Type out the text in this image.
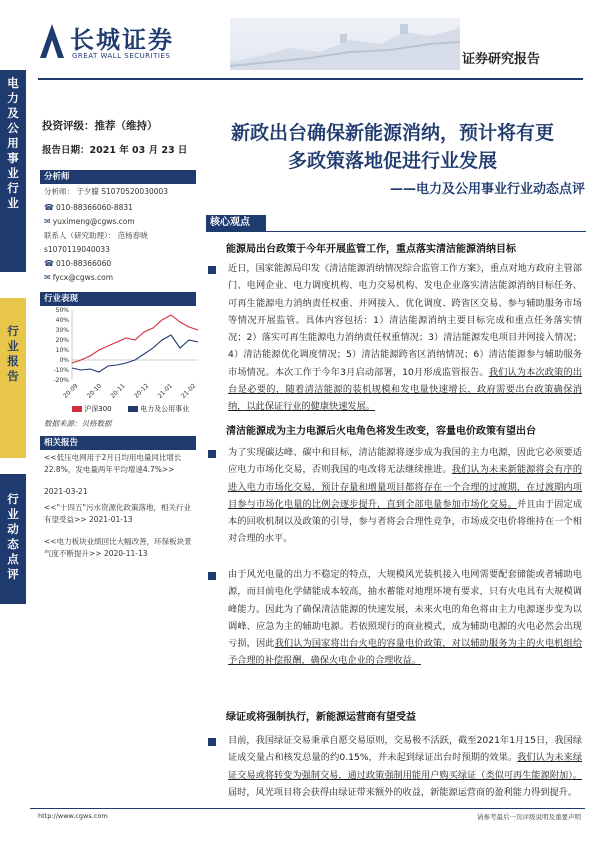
电力及公用事业行业
行业报告
行业动态点评
长城证券
GREAT WALL SECURITIES	证券研究报告
投资评级：推荐（维持）
报告日期：2021 年 03 月 23 日
新政出台确保新能源消纳，预计将有更
多政策落地促进行业发展
——电力及公用事业行业动态点评
分析师
分析师： 于夕朦 S1070520030003
☎ 010-88366060-8831
✉ yuximeng@cgws.com
联系人（研究助理）： 范杨春晓
s1070119040033
☎ 010-88366060
✉ fycx@cgws.com
行业表现
50%
40%
30%
20%
10%
0%
-10%
-20%
20-09 20-10 20-11 20-12 21-01 21-02
沪深300	电力及公用事业
数据来源：贝格数据
相关报告
<<低压电网用于2月日均用电量同比增长22.8%，发电量两年平均增速4.7%>>
2021-03-21
<<"十四五"污水资源化政策落地，相关行业有望受益>> 2021-01-13
<<电力板块业绩回比大幅改善，环保板块景气度不断提升>> 2020-11-13
核心观点
能源局出台政策于今年开展监管工作，重点落实清洁能源消纳目标
近日，国家能源局印发《清洁能源消纳情况综合监管工作方案》，重点对地方政府主管部门、电网企业、电力调度机构、电力交易机构、发电企业落实清洁能源消纳目标任务、可再生能源电力消纳责任权重、并网接入、优化调度、跨省区交易、参与辅助服务市场等情况开展监管。具体内容包括：1）清洁能源消纳主要目标完成和重点任务落实情况；2）落实可再生能源电力消纳责任权重情况；3）清洁能源发电项目并网接入情况；4）清洁能源优化调度情况；5）清洁能源跨省区消纳情况；6）清洁能源参与辅助服务市场情况。本次工作于今年3月启动部署，10月形成监管报告。我们认为本次政策的出台是必要的，随着清洁能源的装机规模和发电量快速增长，政府需要出台政策确保消纳，以此保证行业的健康快速发展。
清洁能源成为主力电源后火电角色将发生改变，容量电价政策有望出台
为了实现碳达峰、碳中和目标，清洁能源将逐步成为我国的主力电源，因此它必须要适应电力市场化交易，否则我国的电改将无法继续推进。我们认为未来新能源将会有序的进入电力市场化交易，预计存量和增量项目都将存在一个合理的过渡期，在过渡期内项目参与市场化电量的比例会逐步提升，直到全部电量参加市场化交易。并且由于固定成本的回收机制以及政策的引导，参与者将会合理性竞争，市场成交电价将维持在一个相对合理的水平。
由于风光电量的出力不稳定的特点，大规模风光装机接入电网需要配套储能或者辅助电源，而目前电化学储能成本较高，抽水蓄能对地理环境有要求，只有火电具有大规模调峰能力。因此为了确保清洁能源的快速发展，未来火电的角色将由主力电源逐步变为以调峰、应急为主的辅助电源。若依照现行的商业模式，成为辅助电源的火电必然会出现亏损，因此我们认为国家将出台火电的容量电价政策，对以辅助服务为主的火电机组给予合理的补偿报酬，确保火电企业的合理收益。
绿证或将强制执行，新能源运营商有望受益
目前，我国绿证交易秉承自愿交易原则，交易极不活跃，截至2021年1月15日，我国绿证成交量占和核发总量的约0.15%，并未起到绿证出台时预期的效果。我们认为未来绿证交易或将转变为强制交易，通过政策强制用能用户购买绿证（类似可再生能源附加）。届时，风光项目将会获得由绿证带来额外的收益，新能源运营商的盈利能力得到提升。
http://www.cgws.com	请参考最后一页评级说明及重要声明
